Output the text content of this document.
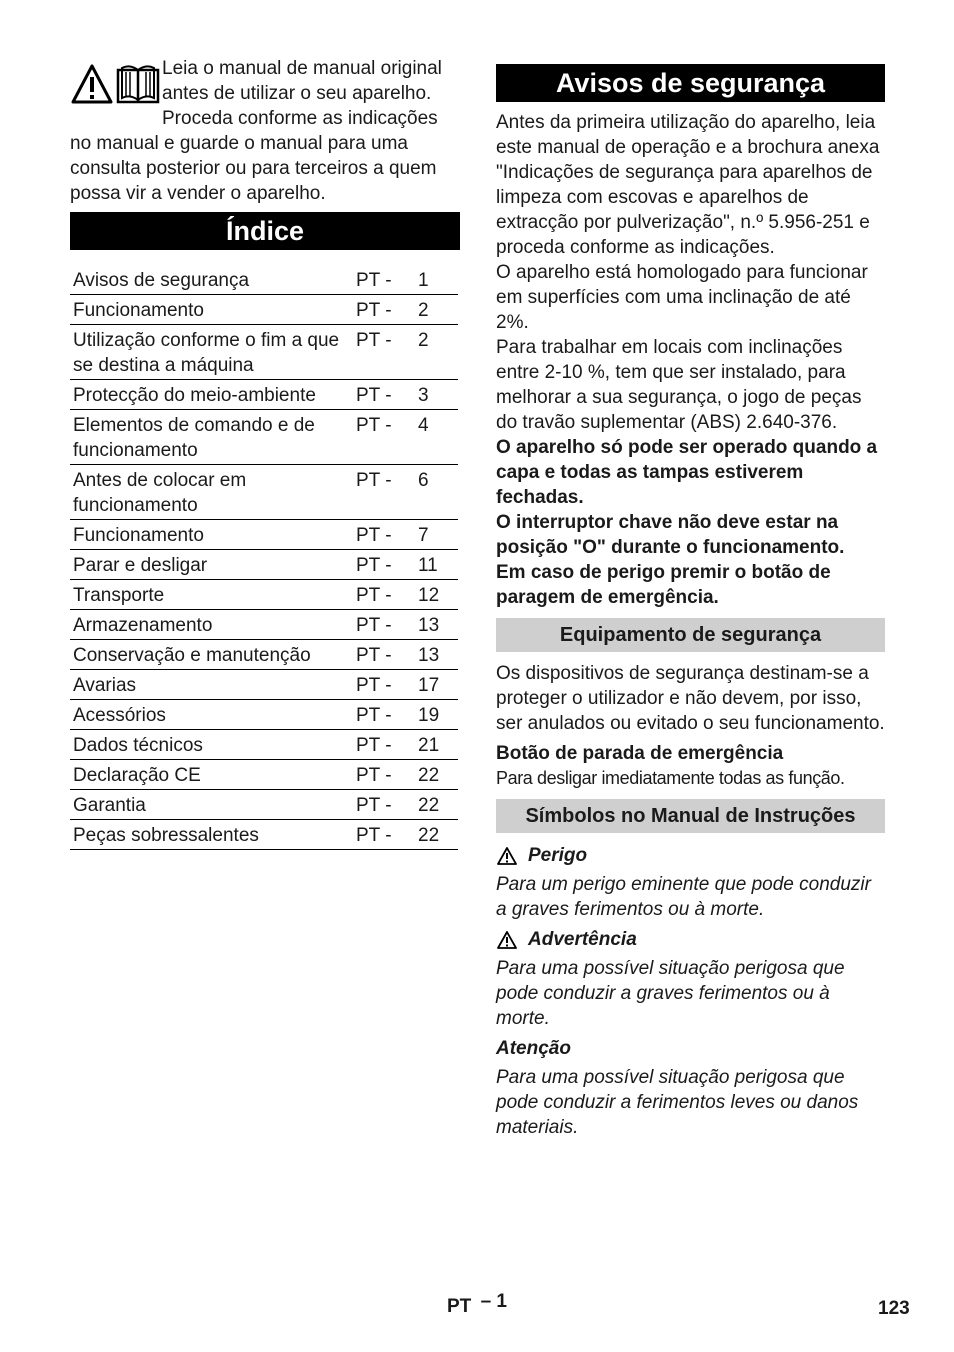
Leia o manual de manual original antes de utilizar o seu aparelho. Proceda conforme as indicações no manual e guarde o manual para uma consulta posterior ou para terceiros a quem possa vir a vender o aparelho.

Índice
Avisos de segurança	PT -	1
Funcionamento	PT -	2
Utilização conforme o fim a que se destina a máquina	PT -	2
Protecção do meio-ambiente	PT -	3
Elementos de comando e de funcionamento	PT -	4
Antes de colocar em funcionamento	PT -	6
Funcionamento	PT -	7
Parar e desligar	PT -	11
Transporte	PT -	12
Armazenamento	PT -	13
Conservação e manutenção	PT -	13
Avarias	PT -	17
Acessórios	PT -	19
Dados técnicos	PT -	21
Declaração CE	PT -	22
Garantia	PT -	22
Peças sobressalentes	PT -	22
Avisos de segurança

Antes da primeira utilização do aparelho, leia este manual de operação e a brochura anexa "Indicações de segurança para aparelhos de limpeza com escovas e aparelhos de extracção por pulverização", n.º 5.956-251 e proceda conforme as indicações.

O aparelho está homologado para funcionar em superfícies com uma inclinação de até 2%.

Para trabalhar em locais com inclinações entre 2-10 %, tem que ser instalado, para melhorar a sua segurança, o jogo de peças do travão suplementar (ABS) 2.640-376.

O aparelho só pode ser operado quando a capa e todas as tampas estiverem fechadas.

O interruptor chave não deve estar na posição "O" durante o funcionamento.

Em caso de perigo premir o botão de paragem de emergência.

Equipamento de segurança

Os dispositivos de segurança destinam-se a proteger o utilizador e não devem, por isso, ser anulados ou evitado o seu funcionamento.

Botão de parada de emergência

Para desligar imediatamente todas as função.

Símbolos no Manual de Instruções
Perigo

Para um perigo eminente que pode conduzir a graves ferimentos ou à morte.

Advertência

Para uma possível situação perigosa que pode conduzir a graves ferimentos ou à morte.

Atenção

Para uma possível situação perigosa que pode conduzir a ferimentos leves ou danos materiais.

PT – 1	123
